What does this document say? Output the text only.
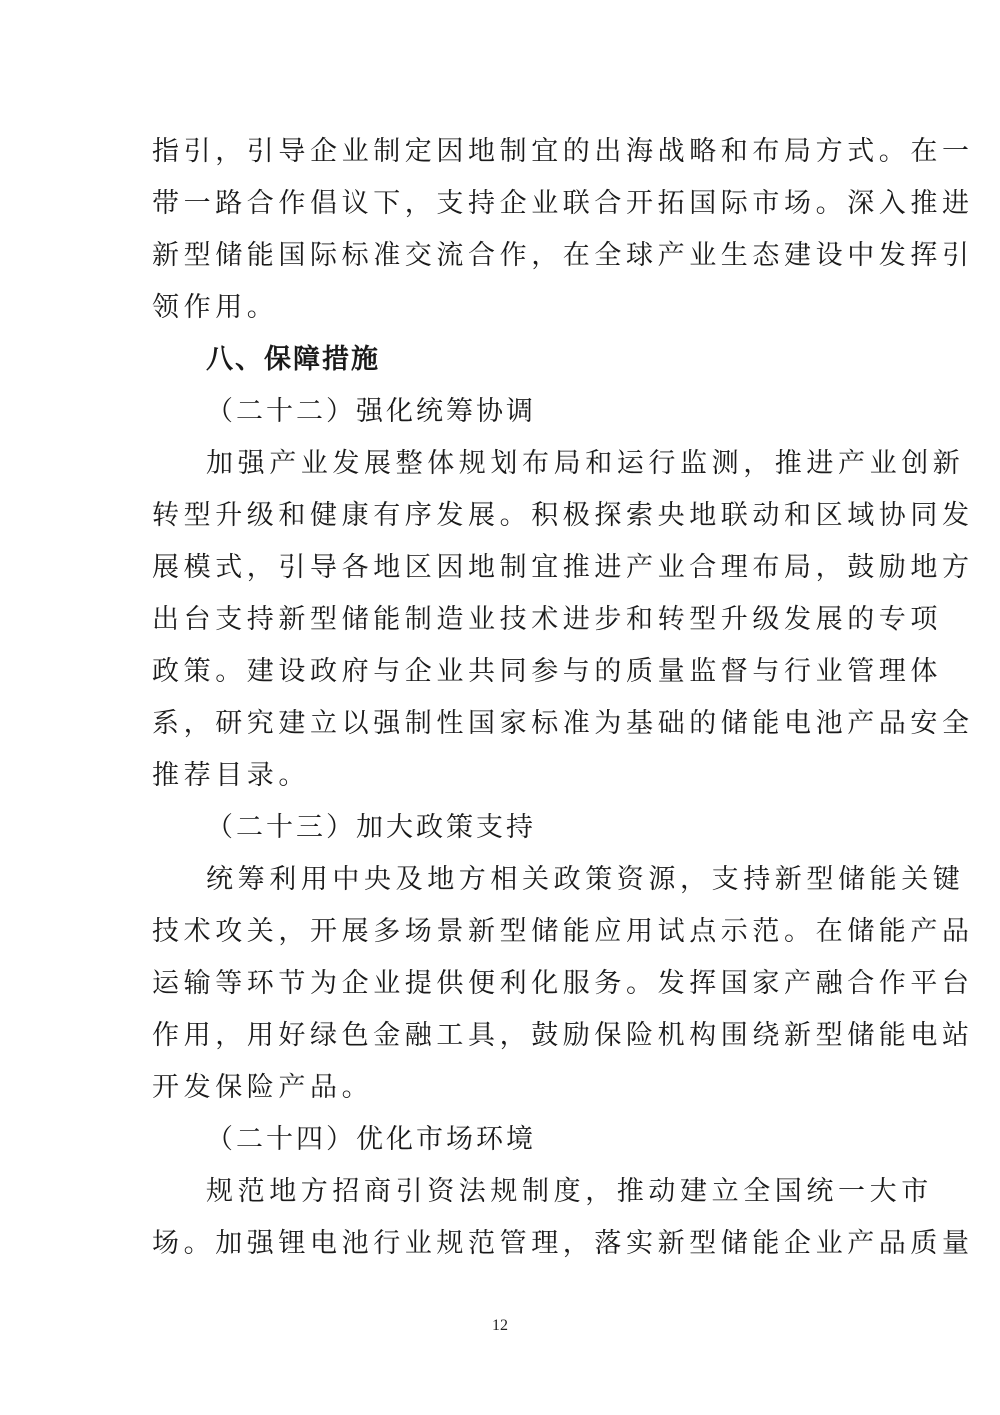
指引，引导企业制定因地制宜的出海战略和布局方式。在一
带一路合作倡议下，支持企业联合开拓国际市场。深入推进
新型储能国际标准交流合作，在全球产业生态建设中发挥引
领作用。
八、保障措施
（二十二）强化统筹协调
加强产业发展整体规划布局和运行监测，推进产业创新
转型升级和健康有序发展。积极探索央地联动和区域协同发
展模式，引导各地区因地制宜推进产业合理布局，鼓励地方
出台支持新型储能制造业技术进步和转型升级发展的专项
政策。建设政府与企业共同参与的质量监督与行业管理体
系，研究建立以强制性国家标准为基础的储能电池产品安全
推荐目录。
（二十三）加大政策支持
统筹利用中央及地方相关政策资源，支持新型储能关键
技术攻关，开展多场景新型储能应用试点示范。在储能产品
运输等环节为企业提供便利化服务。发挥国家产融合作平台
作用，用好绿色金融工具，鼓励保险机构围绕新型储能电站
开发保险产品。
（二十四）优化市场环境
规范地方招商引资法规制度，推动建立全国统一大市
场。加强锂电池行业规范管理，落实新型储能企业产品质量
12
